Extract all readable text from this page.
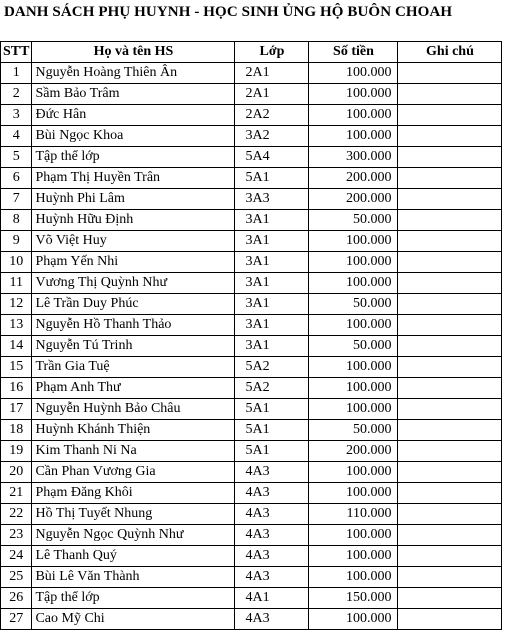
DANH SÁCH PHỤ HUYNH - HỌC SINH ỦNG HỘ BUÔN CHOAH
STT	Họ và tên HS	Lớp	Số tiền	Ghi chú
1	Nguyễn Hoàng Thiên Ân	2A1	100.000	
2	Sầm Bảo Trâm	2A1	100.000	
3	Đức Hân	2A2	100.000	
4	Bùi Ngọc Khoa	3A2	100.000	
5	Tập thể lớp	5A4	300.000	
6	Phạm Thị Huyền Trân	5A1	200.000	
7	Huỳnh Phi Lâm	3A3	200.000	
8	Huỳnh Hữu Định	3A1	50.000	
9	Võ Việt Huy	3A1	100.000	
10	Phạm Yến Nhi	3A1	100.000	
11	Vương Thị Quỳnh Như	3A1	100.000	
12	Lê Trần Duy Phúc	3A1	50.000	
13	Nguyễn Hồ Thanh Thảo	3A1	100.000	
14	Nguyễn Tú Trinh	3A1	50.000	
15	Trần Gia Tuệ	5A2	100.000	
16	Phạm Anh Thư	5A2	100.000	
17	Nguyễn Huỳnh Bảo Châu	5A1	100.000	
18	Huỳnh Khánh Thiện	5A1	50.000	
19	Kim Thanh Ni Na	5A1	200.000	
20	Cần Phan Vương Gia	4A3	100.000	
21	Phạm Đăng Khôi	4A3	100.000	
22	Hồ Thị Tuyết Nhung	4A3	110.000	
23	Nguyễn Ngọc Quỳnh Như	4A3	100.000	
24	Lê Thanh Quý	4A3	100.000	
25	Bùi Lê Văn Thành	4A3	100.000	
26	Tập thể lớp	4A1	150.000	
27	Cao Mỹ Chi	4A3	100.000	
